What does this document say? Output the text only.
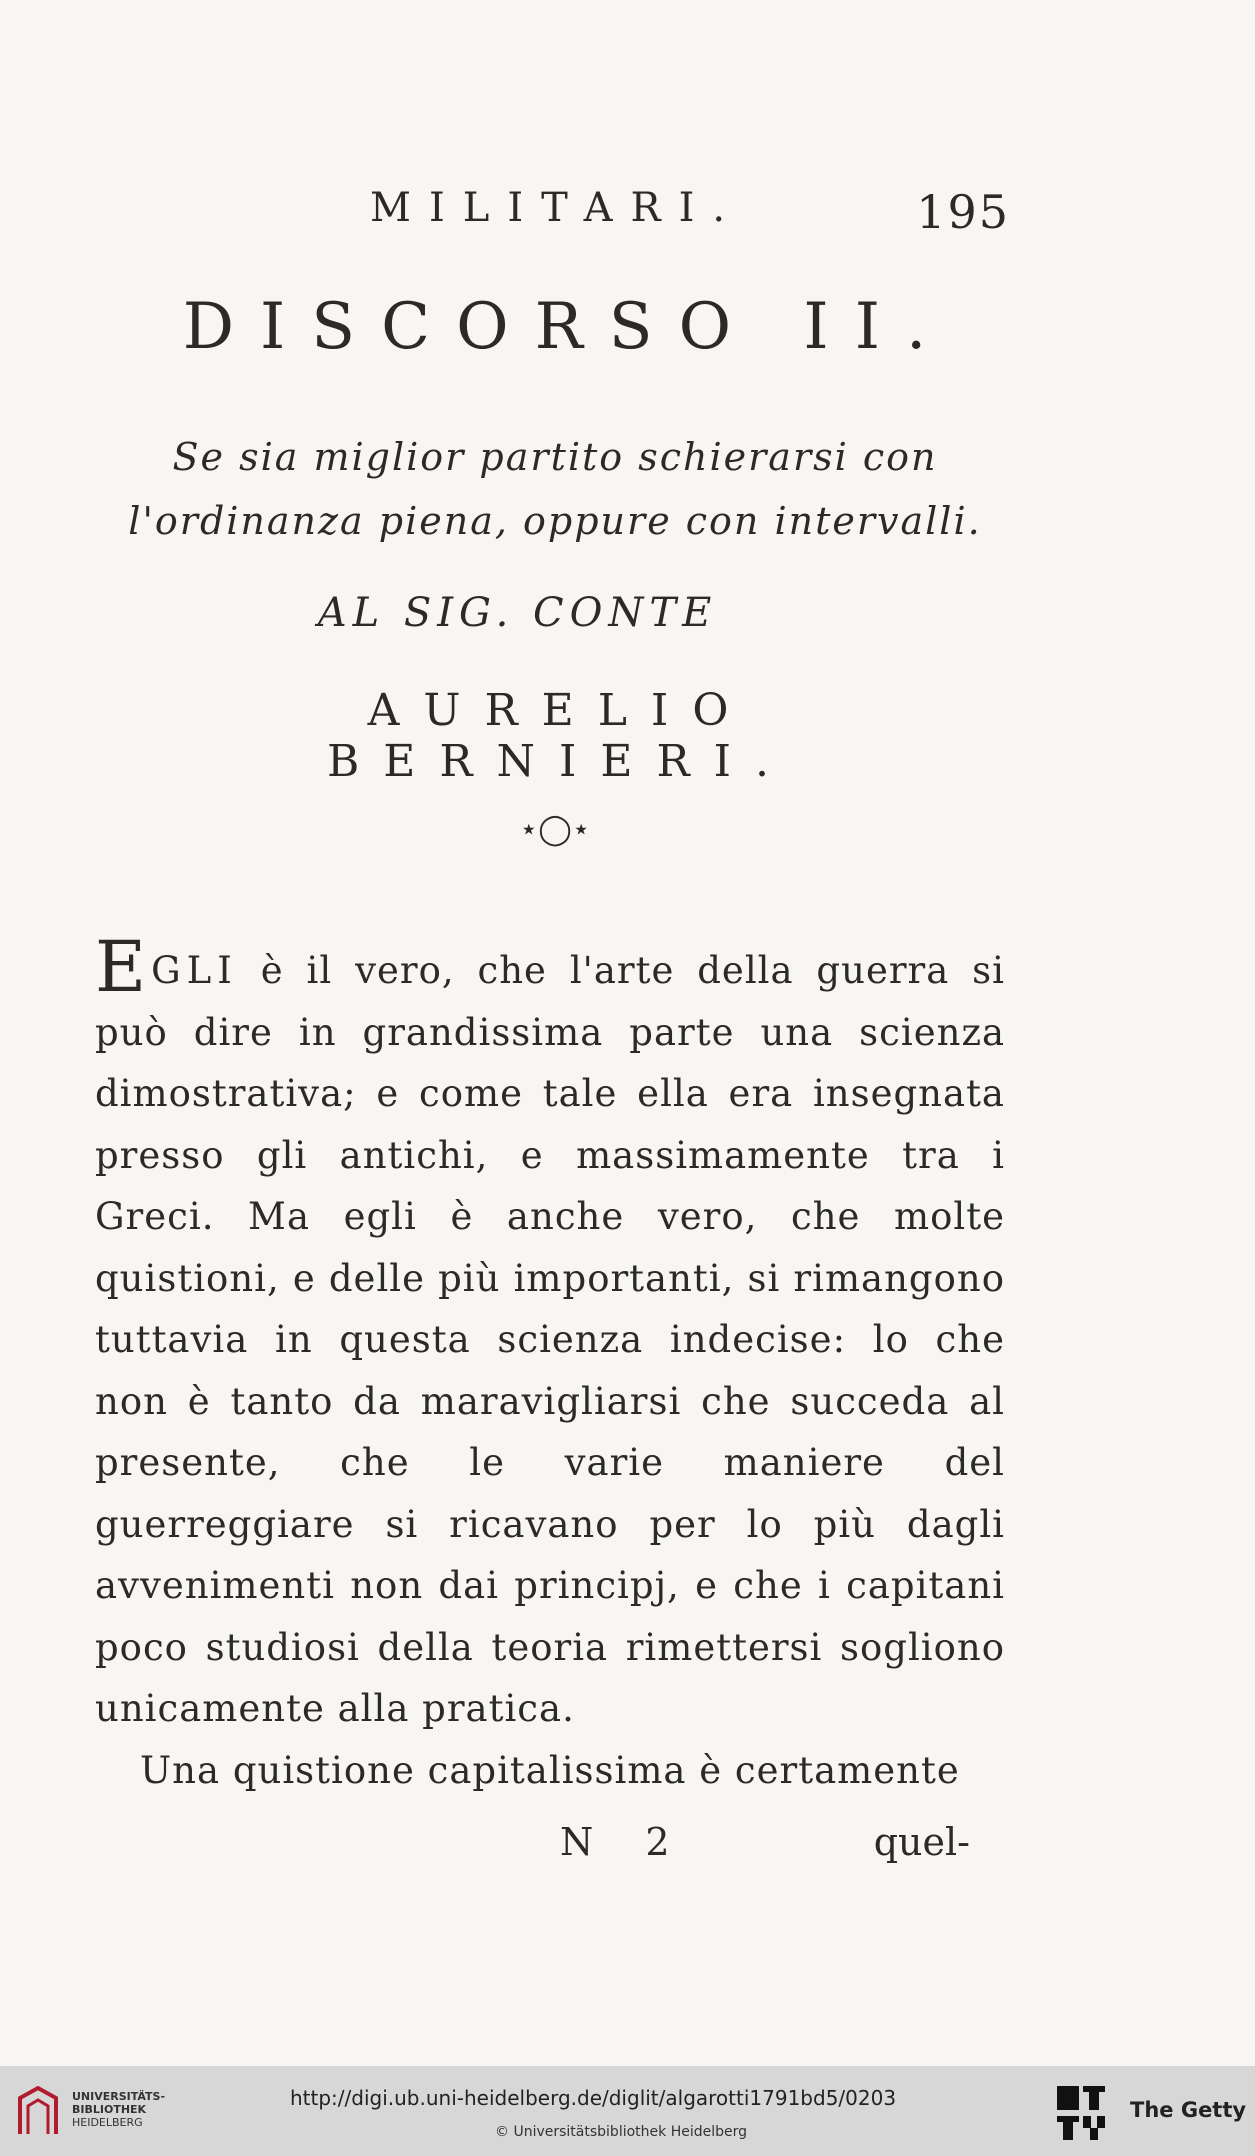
MILITARI.	195
DISCORSO II.
Se sia miglior partito schierarsi con l'ordinanza piena, oppure con intervalli.
AL SIG. CONTE
AURELIO BERNIERI.
⋆◯⋆

EGLI è il vero, che l'arte della guerra si può dire in grandissima parte una scienza dimostrativa; e come tale ella era insegnata presso gli antichi, e massimamente tra i Greci. Ma egli è anche vero, che molte quistioni, e delle più importanti, si rimangono tuttavia in questa scienza indecise: lo che non è tanto da maravigliarsi che succeda al presente, che le varie maniere del guerreggiare si ricavano per lo più dagli avvenimenti non dai principj, e che i capitani poco studiosi della teoria rimettersi sogliono unicamente alla pratica.

Una quistione capitalissima è certamente

N 2	quel-
UNIVERSITÄTS-
BIBLIOTHEK
HEIDELBERG
http://digi.ub.uni-heidelberg.de/diglit/algarotti1791bd5/0203
© Universitätsbibliothek Heidelberg
The Getty
